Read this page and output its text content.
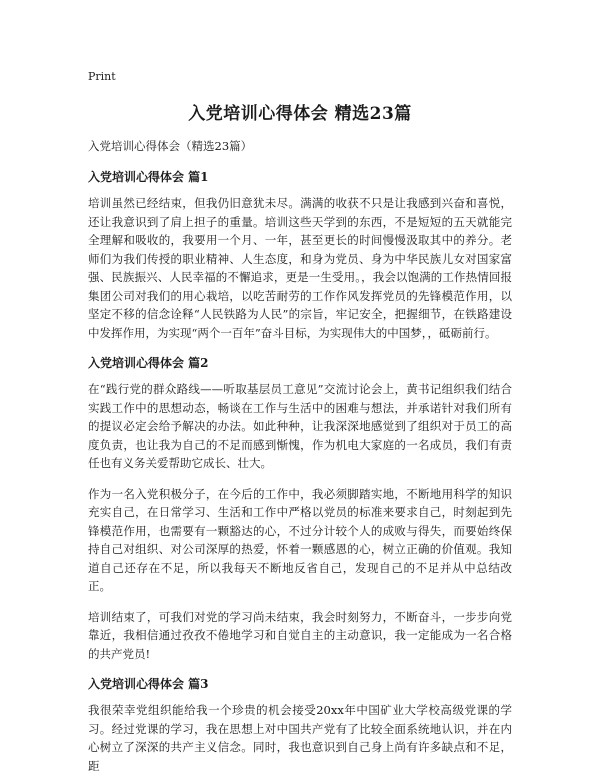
Print
入党培训心得体会 精选23篇
入党培训心得体会（精选23篇）
入党培训心得体会 篇1

培训虽然已经结束，但我仍旧意犹未尽。满满的收获不只是让我感到兴奋和喜悦，还让我意识到了肩上担子的重量。培训这些天学到的东西，不是短短的五天就能完全理解和吸收的，我要用一个月、一年，甚至更长的时间慢慢汲取其中的养分。老师们为我们传授的职业精神、人生态度，和身为党员、身为中华民族儿女对国家富强、民族振兴、人民幸福的不懈追求，更是一生受用。，我会以饱满的工作热情回报集团公司对我们的用心栽培，以吃苦耐劳的工作作风发挥党员的先锋模范作用，以坚定不移的信念诠释“人民铁路为人民”的宗旨，牢记安全，把握细节，在铁路建设中发挥作用，为实现“两个一百年”奋斗目标，为实现伟大的中国梦，，砥砺前行。

入党培训心得体会 篇2

在“践行党的群众路线——听取基层员工意见”交流讨论会上，黄书记组织我们结合实践工作中的思想动态，畅谈在工作与生活中的困难与想法，并承诺针对我们所有的提议必定会给予解决的办法。如此种种，让我深深地感觉到了组织对于员工的高度负责，也让我为自己的不足而感到惭愧，作为机电大家庭的一名成员，我们有责任也有义务关爱帮助它成长、壮大。

作为一名入党积极分子，在今后的工作中，我必须脚踏实地，不断地用科学的知识充实自己，在日常学习、生活和工作中严格以党员的标准来要求自己，时刻起到先锋模范作用，也需要有一颗豁达的心，不过分计较个人的成败与得失，而要始终保持自己对组织、对公司深厚的热爱，怀着一颗感恩的心，树立正确的价值观。我知道自己还存在不足，所以我每天不断地反省自己，发现自己的不足并从中总结改正。

培训结束了，可我们对党的学习尚未结束，我会时刻努力，不断奋斗，一步步向党靠近，我相信通过孜孜不倦地学习和自觉自主的主动意识，我一定能成为一名合格的共产党员!

入党培训心得体会 篇3

我很荣幸党组织能给我一个珍贵的机会接受20xx年中国矿业大学校高级党课的学习。经过党课的学习，我在思想上对中国共产党有了比较全面系统地认识，并在内心树立了深深的共产主义信念。同时，我也意识到自己身上尚有许多缺点和不足，距
